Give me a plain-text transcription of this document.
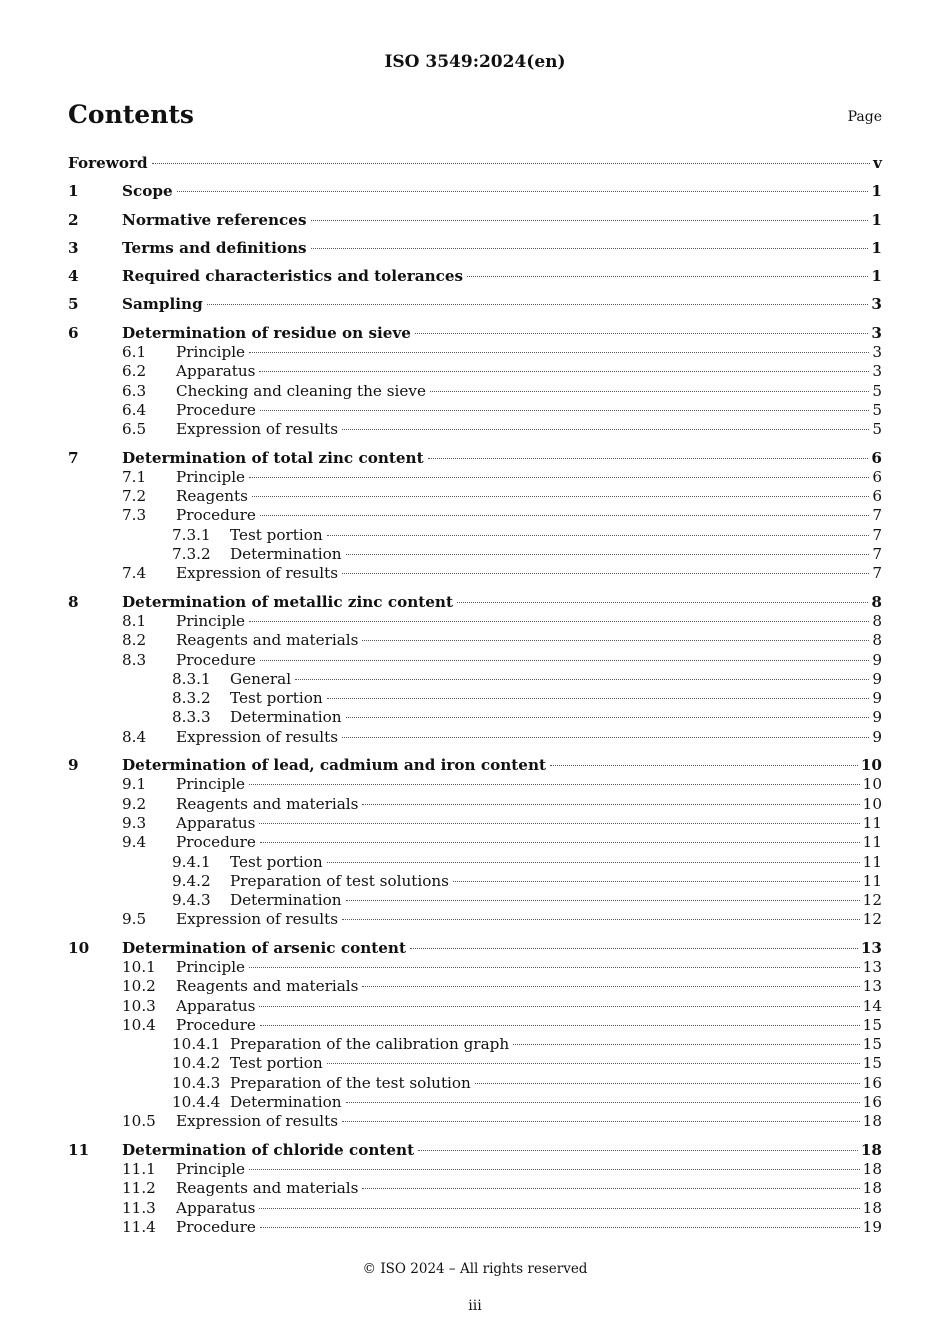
ISO 3549:2024(en)
Contents	Page
Foreword	v
1	Scope	1
2	Normative references	1
3	Terms and definitions	1
4	Required characteristics and tolerances	1
5	Sampling	3
6	Determination of residue on sieve	3
6.1	Principle	3
6.2	Apparatus	3
6.3	Checking and cleaning the sieve	5
6.4	Procedure	5
6.5	Expression of results	5
7	Determination of total zinc content	6
7.1	Principle	6
7.2	Reagents	6
7.3	Procedure	7
7.3.1	Test portion	7
7.3.2	Determination	7
7.4	Expression of results	7
8	Determination of metallic zinc content	8
8.1	Principle	8
8.2	Reagents and materials	8
8.3	Procedure	9
8.3.1	General	9
8.3.2	Test portion	9
8.3.3	Determination	9
8.4	Expression of results	9
9	Determination of lead, cadmium and iron content	10
9.1	Principle	10
9.2	Reagents and materials	10
9.3	Apparatus	11
9.4	Procedure	11
9.4.1	Test portion	11
9.4.2	Preparation of test solutions	11
9.4.3	Determination	12
9.5	Expression of results	12
10	Determination of arsenic content	13
10.1	Principle	13
10.2	Reagents and materials	13
10.3	Apparatus	14
10.4	Procedure	15
10.4.1 Preparation of the calibration graph	15
10.4.2 Test portion	15
10.4.3 Preparation of the test solution	16
10.4.4 Determination	16
10.5	Expression of results	18
11	Determination of chloride content	18
11.1	Principle	18
11.2	Reagents and materials	18
11.3	Apparatus	18
11.4	Procedure	19
© ISO 2024 – All rights reserved
iii
